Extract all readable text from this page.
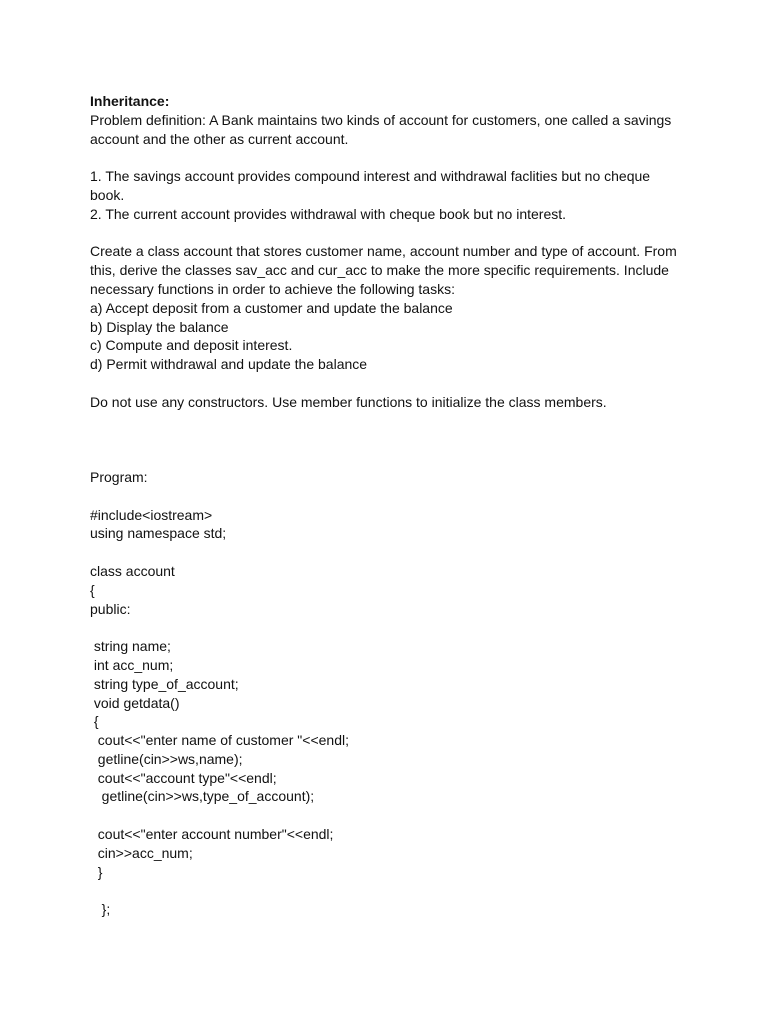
Inheritance:
Problem definition: A Bank maintains two kinds of account for customers, one called a savings
account and the other as current account.
1. The savings account provides compound interest and withdrawal faclities but no cheque
book.
2. The current account provides withdrawal with cheque book but no interest.
Create a class account that stores customer name, account number and type of account. From
this, derive the classes sav_acc and cur_acc to make the more specific requirements. Include
necessary functions in order to achieve the following tasks:
a) Accept deposit from a customer and update the balance
b) Display the balance
c) Compute and deposit interest.
d) Permit withdrawal and update the balance
Do not use any constructors. Use member functions to initialize the class members.
Program:
#include<iostream>
using namespace std;
class account
{
public:
string name;
int acc_num;
string type_of_account;
void getdata()
{
cout<<"enter name of customer "<<endl;
getline(cin>>ws,name);
cout<<"account type"<<endl;
getline(cin>>ws,type_of_account);
cout<<"enter account number"<<endl;
cin>>acc_num;
}
};
